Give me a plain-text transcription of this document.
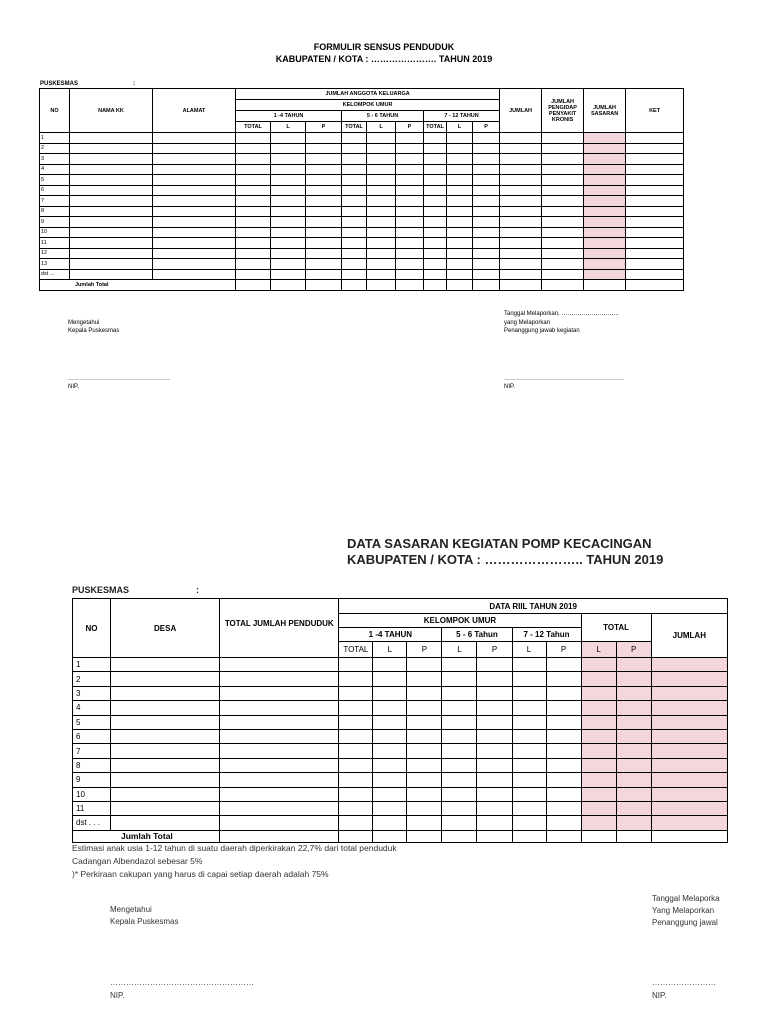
FORMULIR SENSUS PENDUDUK
KABUPATEN / KOTA : …………………. TAHUN 2019
PUSKESMAS	:
NO	NAMA KK	ALAMAT	JUMLAH ANGGOTA KELUARGA									JUMLAH	JUMLAH PENGIDAP PENYAKIT KRONIS	JUMLAH SASARAN	KET
			KELOMPOK UMUR												
			1 -4 TAHUN			5 - 6 TAHUN			7 - 12 TAHUN						
			TOTAL	L	P	TOTAL	L	P	TOTAL	L	P				
1															
2															
3															
4															
5															
6															
7															
8															
9															
10															
11															
12															
13															
dst ...															
Jumlah Total															
Mengetahui
Kepala Puskesmas
……………………………………………
NIP.
Tanggal Melaporkan, ………………………..
yang Melaporkan
Penanggung jawab kegiatan
……………………………………………………
NIP.
DATA SASARAN KEGIATAN POMP KECACINGAN
KABUPATEN / KOTA : ………………….. TAHUN 2019
PUSKESMAS	:
NO	DESA	TOTAL JUMLAH PENDUDUK	DATA RIIL TAHUN 2019									
			KELOMPOK UMUR							TOTAL		JUMLAH
			1 -4 TAHUN			5 - 6 Tahun		7 - 12 Tahun				
			TOTAL	L	P	L	P	L	P	L	P	
1												
2												
3												
4												
5												
6												
7												
8												
9												
10												
11												
dst . . .												
Jumlah Total												
Estimasi anak usia 1-12 tahun di suatu daerah diperkirakan 22,7% dari total penduduk
Cadangan Albendazol sebesar 5%
)* Perkiraan cakupan yang harus di capai setiap daerah adalah 75%
Mengetahui
Kepala Puskesmas
………………………………………………
NIP.
Tanggal Melaporka
Yang Melaporkan
Penanggung jawal
……………………
NIP.
